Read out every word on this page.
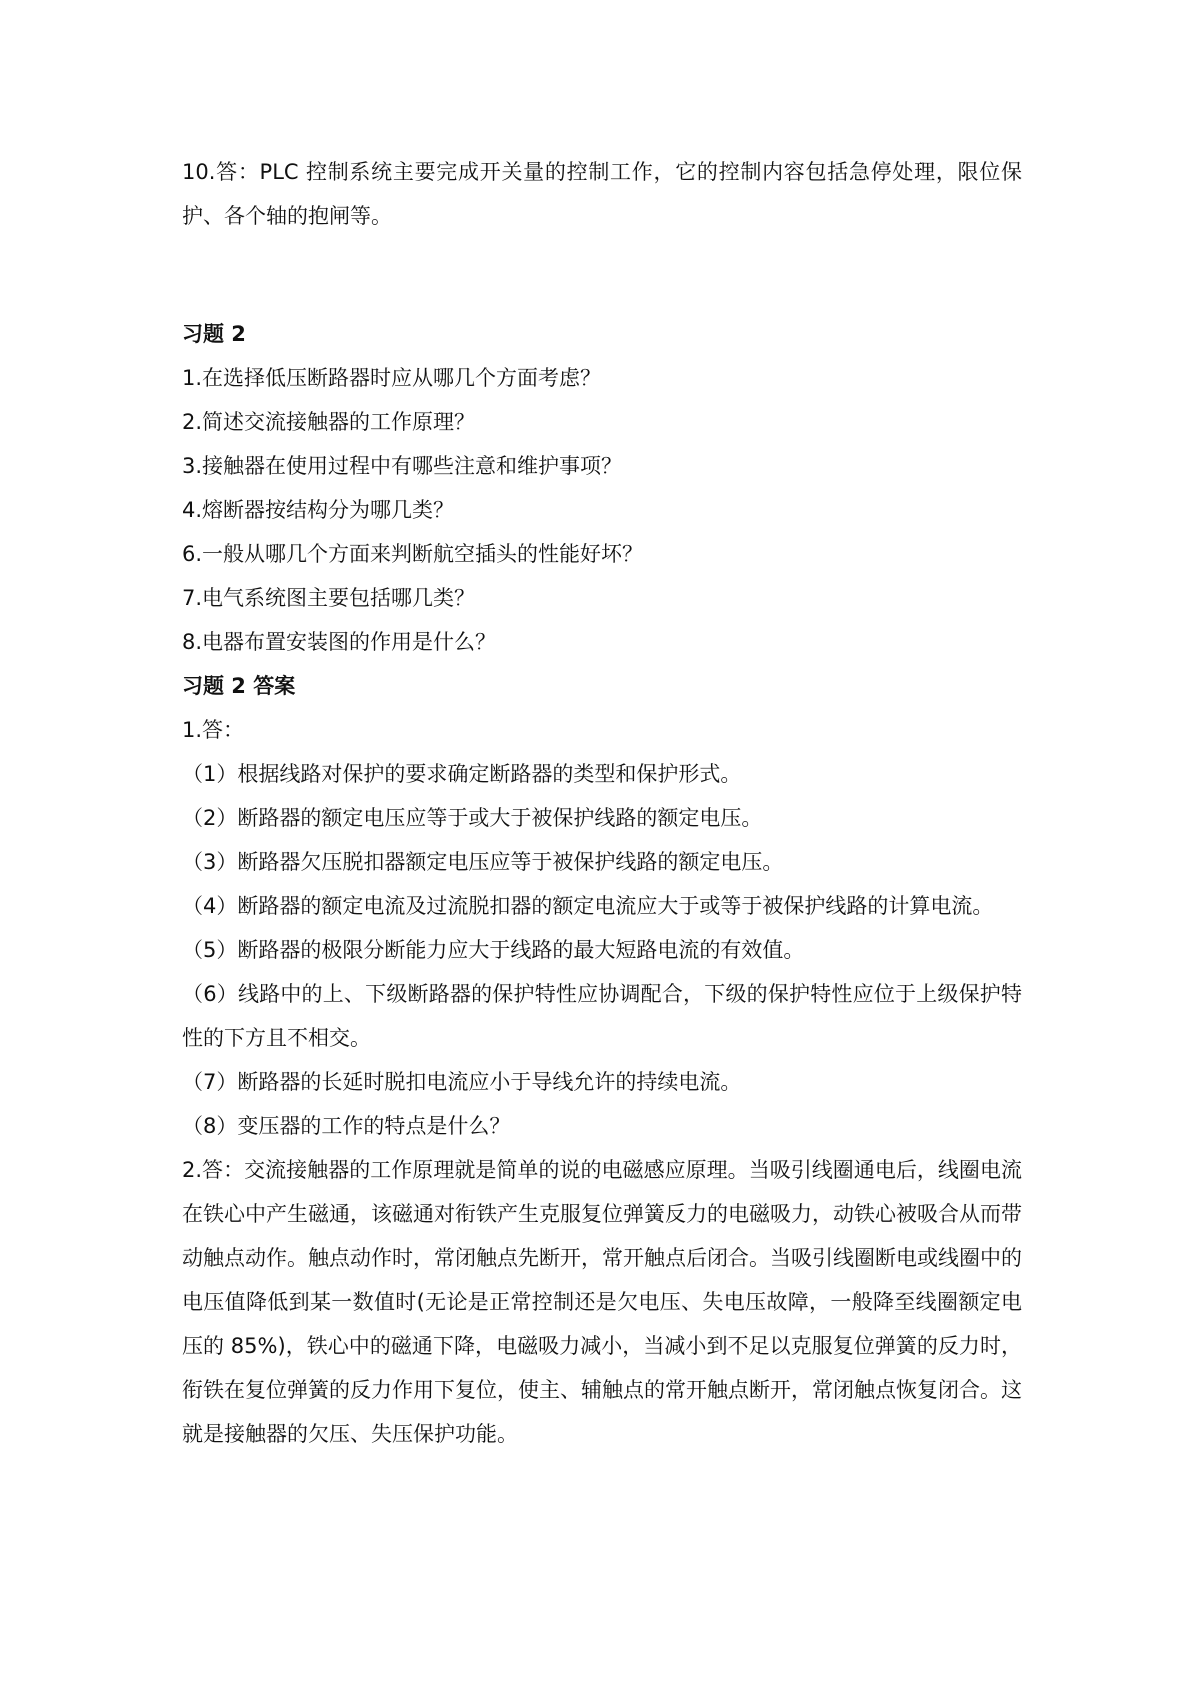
10.答：PLC 控制系统主要完成开关量的控制工作，它的控制内容包括急停处理，限位保护、各个轴的抱闸等。

习题 2

1.在选择低压断路器时应从哪几个方面考虑？

2.简述交流接触器的工作原理？

3.接触器在使用过程中有哪些注意和维护事项？

4.熔断器按结构分为哪几类？

6.一般从哪几个方面来判断航空插头的性能好坏？

7.电气系统图主要包括哪几类？

8.电器布置安装图的作用是什么？

习题 2 答案

1.答：

（1）根据线路对保护的要求确定断路器的类型和保护形式。

（2）断路器的额定电压应等于或大于被保护线路的额定电压。

（3）断路器欠压脱扣器额定电压应等于被保护线路的额定电压。

（4）断路器的额定电流及过流脱扣器的额定电流应大于或等于被保护线路的计算电流。

（5）断路器的极限分断能力应大于线路的最大短路电流的有效值。

（6）线路中的上、下级断路器的保护特性应协调配合，下级的保护特性应位于上级保护特性的下方且不相交。

（7）断路器的长延时脱扣电流应小于导线允许的持续电流。

（8）变压器的工作的特点是什么？

2.答：交流接触器的工作原理就是简单的说的电磁感应原理。当吸引线圈通电后，线圈电流在铁心中产生磁通，该磁通对衔铁产生克服复位弹簧反力的电磁吸力，动铁心被吸合从而带动触点动作。触点动作时，常闭触点先断开，常开触点后闭合。当吸引线圈断电或线圈中的电压值降低到某一数值时(无论是正常控制还是欠电压、失电压故障，一般降至线圈额定电压的 85%)，铁心中的磁通下降，电磁吸力减小，当减小到不足以克服复位弹簧的反力时，衔铁在复位弹簧的反力作用下复位，使主、辅触点的常开触点断开，常闭触点恢复闭合。这就是接触器的欠压、失压保护功能。
